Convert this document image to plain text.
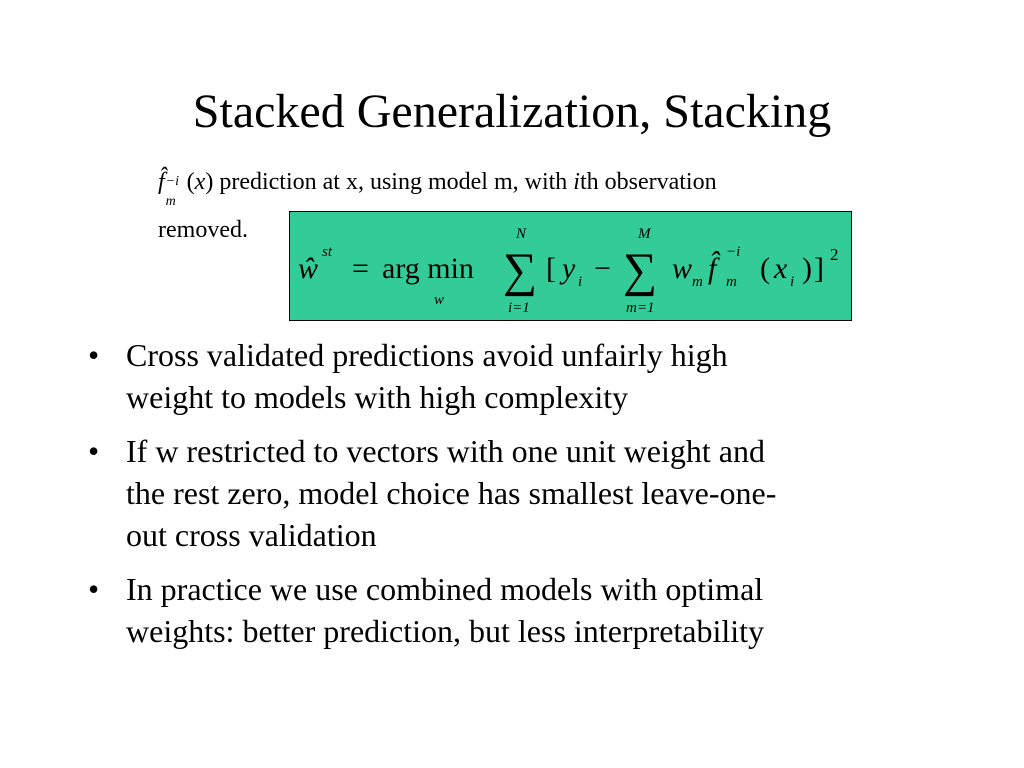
Stacked Generalization, Stacking
f̂ −i
m
(x) prediction at x, using model m, with ith observation
removed.
ŵ st = arg min
w
N
∑
i=1
[ y i −
M
∑
m=1
w m f̂ −i
m ( x i ) ] 2
• Cross validated predictions avoid unfairly high
weight to models with high complexity
• If w restricted to vectors with one unit weight and
the rest zero, model choice has smallest leave-one-
out cross validation
• In practice we use combined models with optimal
weights: better prediction, but less interpretability
